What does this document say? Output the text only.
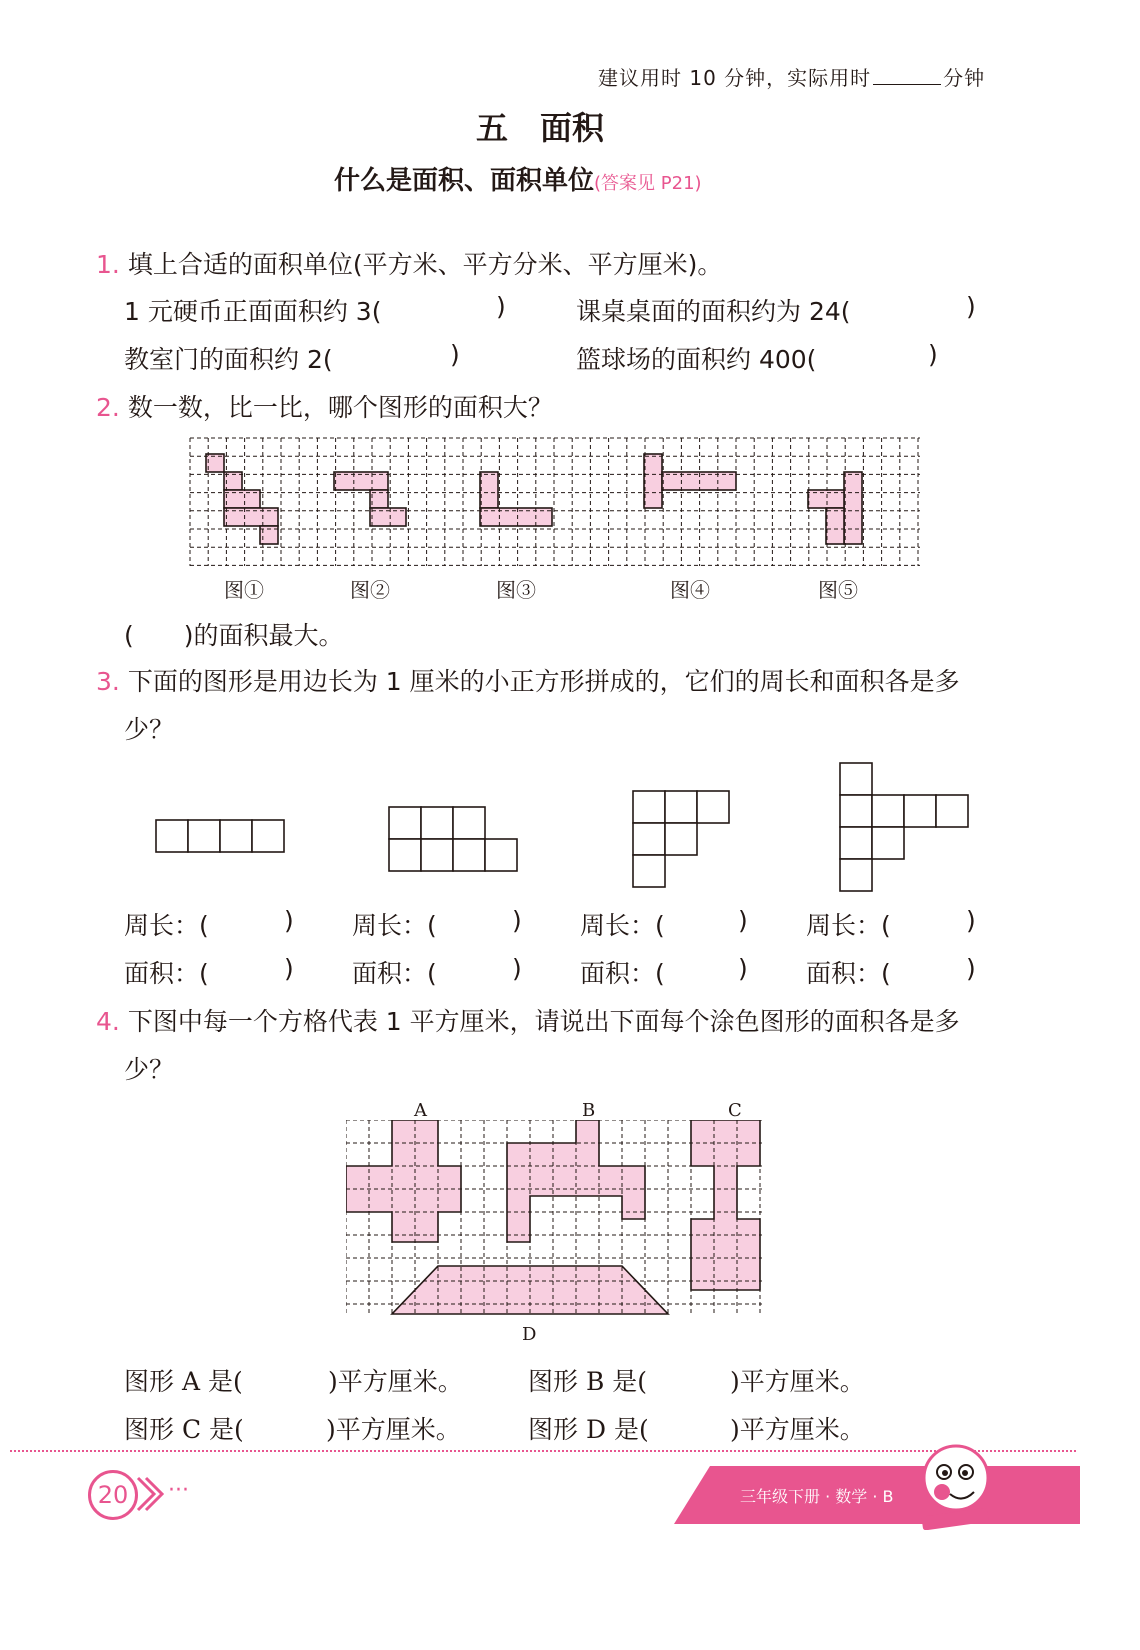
建议用时 10 分钟，实际用时	分钟
五　面积
什么是面积、面积单位(答案见 P21)
1. 填上合适的面积单位(平方米、平方分米、平方厘米)。
1 元硬币正面面积约 3(	)	课桌桌面的面积约为 24(	)
教室门的面积约 2(	)	篮球场的面积约 400(	)
2. 数一数，比一比，哪个图形的面积大？
图①	图②	图③	图④	图⑤
(　　)的面积最大。
3. 下面的图形是用边长为 1 厘米的小正方形拼成的，它们的周长和面积各是多
少？
周长：(	) 周长：(	) 周长：(	) 周长：(	)
面积：(	) 面积：(	) 面积：(	) 面积：(	)
4. 下图中每一个方格代表 1 平方厘米，请说出下面每个涂色图形的面积各是多
少？
A	B	C
D
图形 A 是(	)平方厘米。	图形 B 是(	)平方厘米。
图形 C 是(	)平方厘米。	图形 D 是(	)平方厘米。
20	···	三年级下册 · 数学 · B
